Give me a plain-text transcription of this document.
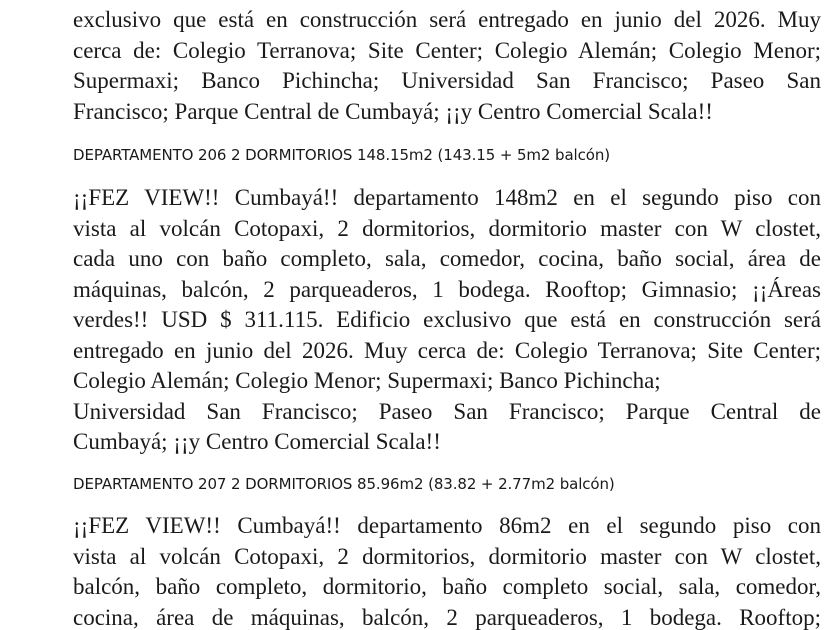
exclusivo que está en construcción será entregado en junio del 2026. Muy
cerca de: Colegio Terranova; Site Center; Colegio Alemán; Colegio Menor;
Supermaxi; Banco Pichincha; Universidad San Francisco; Paseo San
Francisco; Parque Central de Cumbayá; ¡¡y Centro Comercial Scala!!
DEPARTAMENTO 206 2 DORMITORIOS 148.15m2 (143.15 + 5m2 balcón)
¡¡FEZ VIEW!! Cumbayá!! departamento 148m2 en el segundo piso con
vista al volcán Cotopaxi, 2 dormitorios, dormitorio master con W clostet,
cada uno con baño completo, sala, comedor, cocina, baño social, área de
máquinas, balcón, 2 parqueaderos, 1 bodega. Rooftop; Gimnasio; ¡¡Áreas
verdes!! USD $ 311.115. Edificio exclusivo que está en construcción será
entregado en junio del 2026. Muy cerca de: Colegio Terranova; Site Center;
Colegio Alemán; Colegio Menor; Supermaxi; Banco Pichincha;
Universidad San Francisco; Paseo San Francisco; Parque Central de
Cumbayá; ¡¡y Centro Comercial Scala!!
DEPARTAMENTO 207 2 DORMITORIOS 85.96m2 (83.82 + 2.77m2 balcón)
¡¡FEZ VIEW!! Cumbayá!! departamento 86m2 en el segundo piso con
vista al volcán Cotopaxi, 2 dormitorios, dormitorio master con W clostet,
balcón, baño completo, dormitorio, baño completo social, sala, comedor,
cocina, área de máquinas, balcón, 2 parqueaderos, 1 bodega. Rooftop;
